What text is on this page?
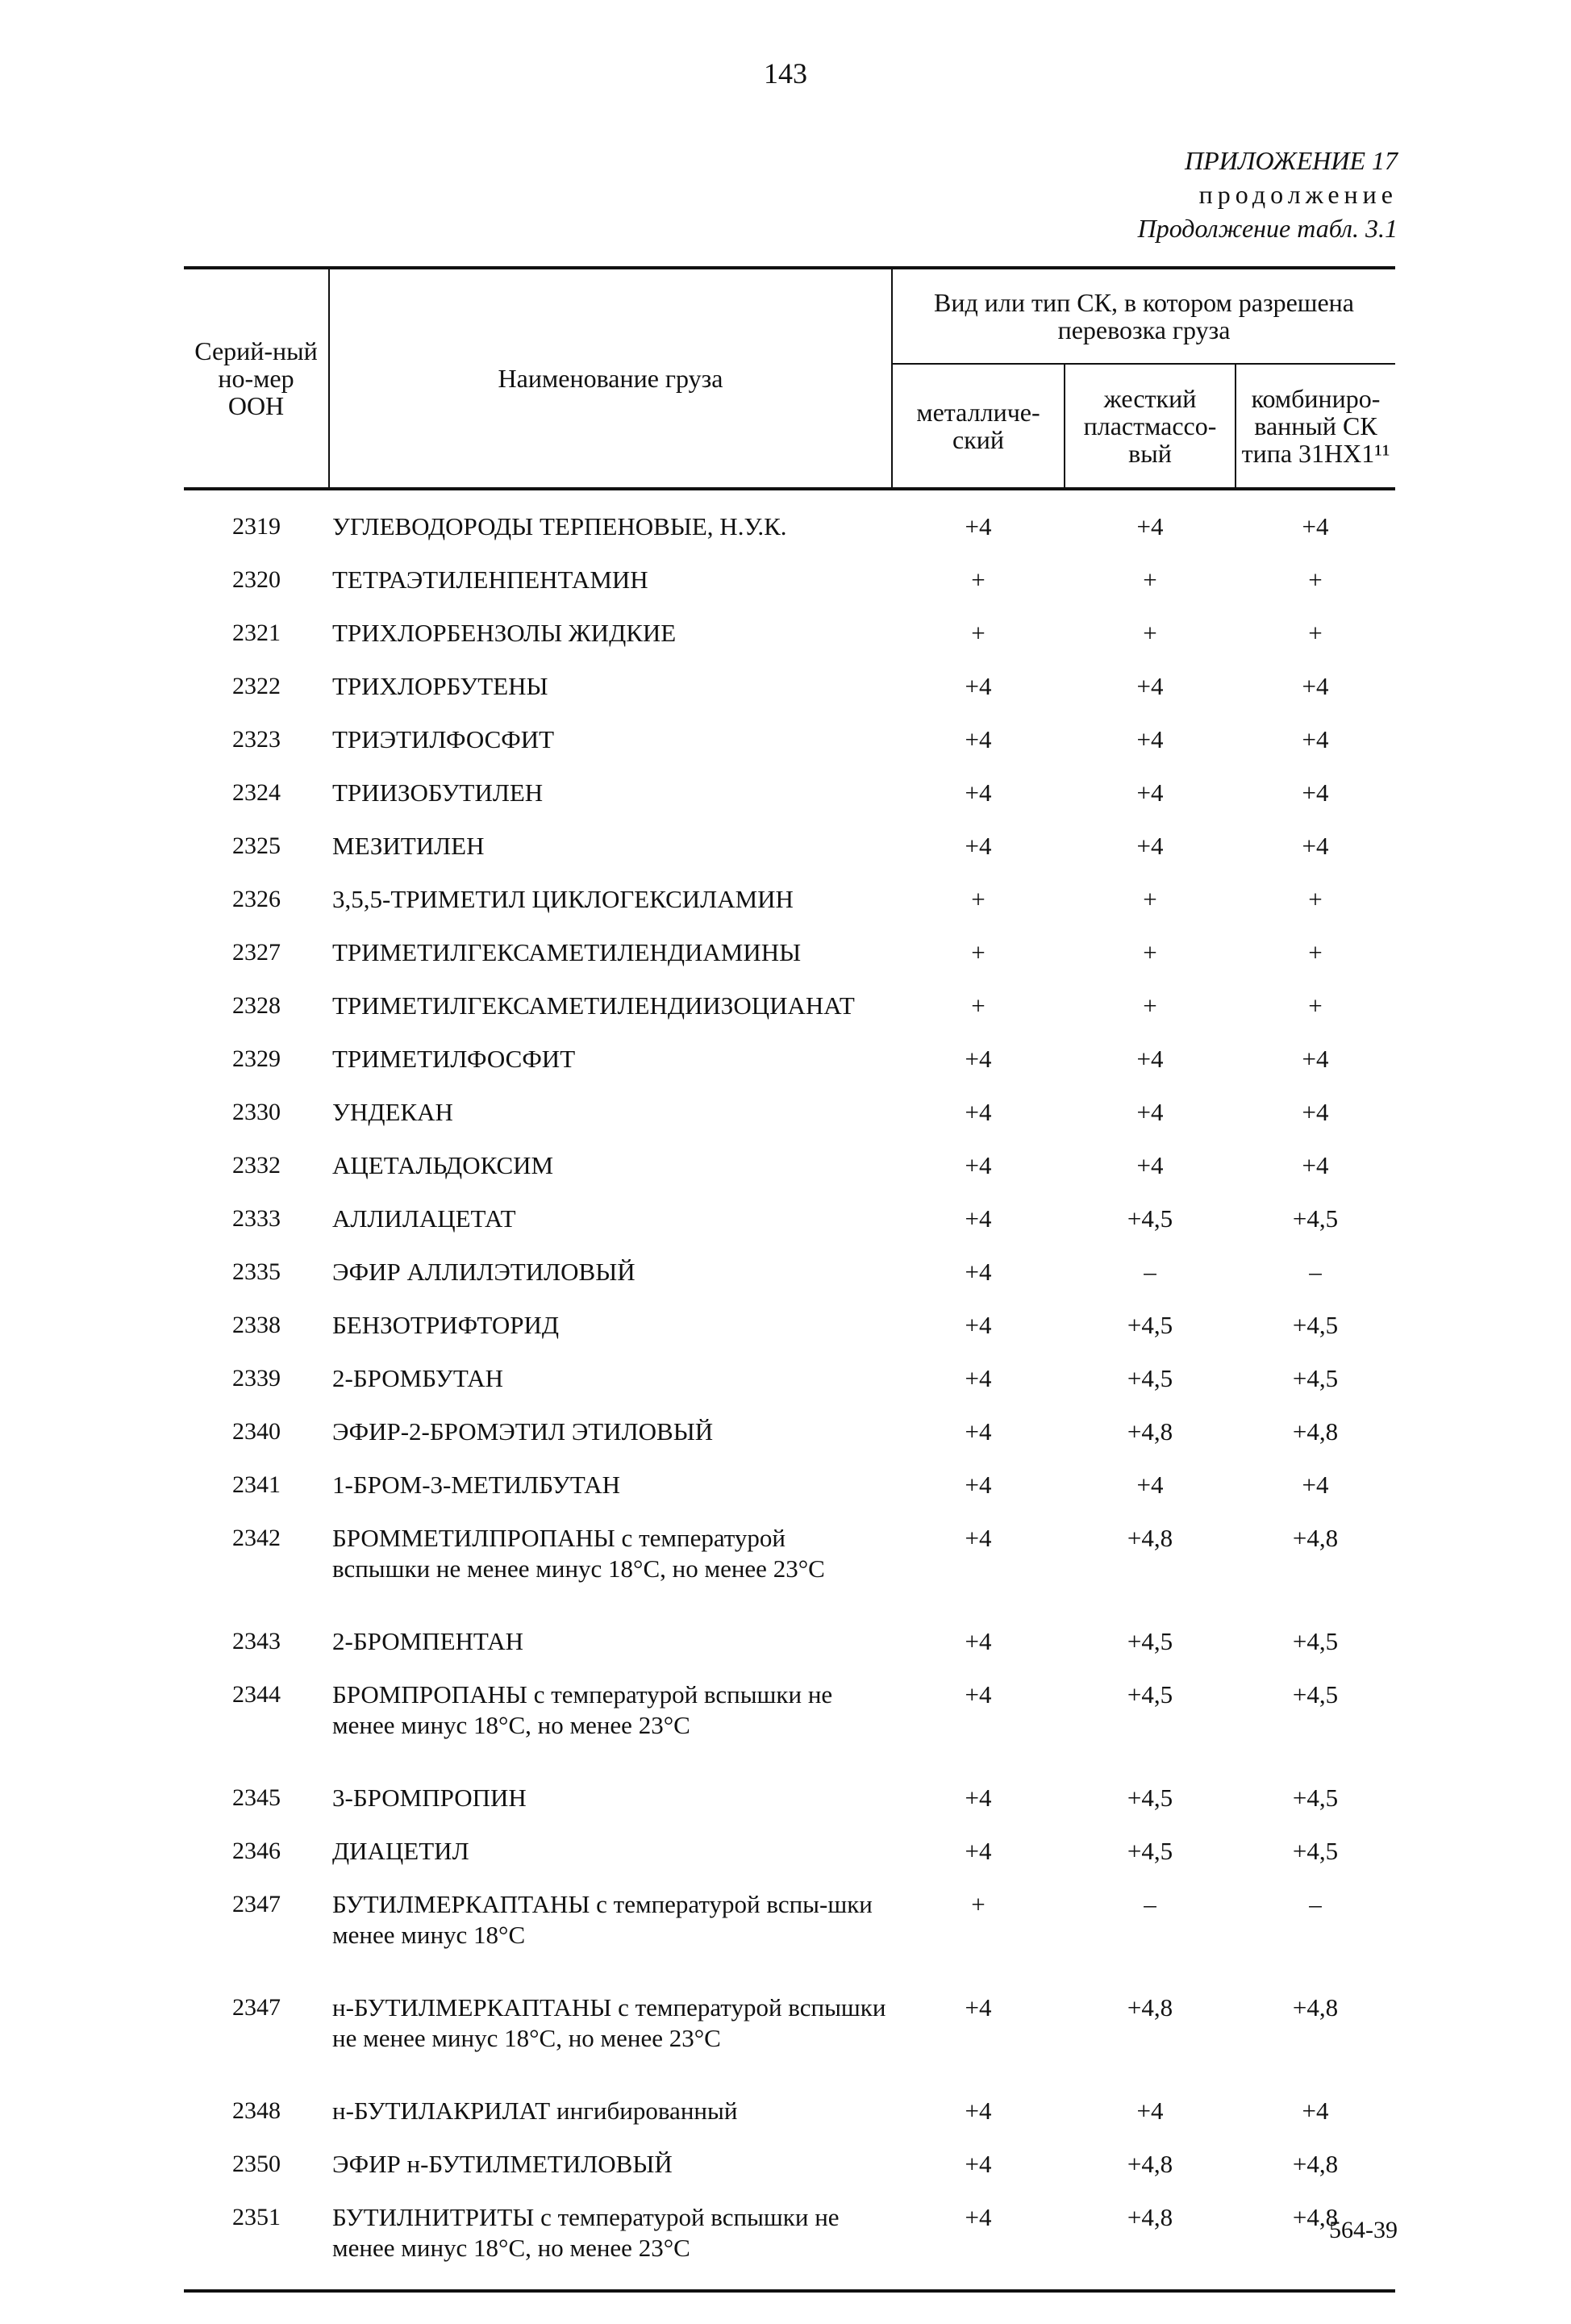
143
ПРИЛОЖЕНИЕ 17
продолжение
Продолжение табл. 3.1
Серий-ный но-мер ООН	Наименование груза	Вид или тип СК, в котором разрешена перевозка груза		
		металличе-ский	жесткий пластмассо-вый	комбиниро-ванный СК типа 31НХ1¹¹
2319	УГЛЕВОДОРОДЫ ТЕРПЕНОВЫЕ, Н.У.К.	+4	+4	+4
2320	ТЕТРАЭТИЛЕНПЕНТАМИН	+	+	+
2321	ТРИХЛОРБЕНЗОЛЫ ЖИДКИЕ	+	+	+
2322	ТРИХЛОРБУТЕНЫ	+4	+4	+4
2323	ТРИЭТИЛФОСФИТ	+4	+4	+4
2324	ТРИИЗОБУТИЛЕН	+4	+4	+4
2325	МЕЗИТИЛЕН	+4	+4	+4
2326	3,5,5-ТРИМЕТИЛ ЦИКЛОГЕКСИЛАМИН	+	+	+
2327	ТРИМЕТИЛГЕКСАМЕТИЛЕНДИАМИНЫ	+	+	+
2328	ТРИМЕТИЛГЕКСАМЕТИЛЕНДИИЗОЦИАНАТ	+	+	+
2329	ТРИМЕТИЛФОСФИТ	+4	+4	+4
2330	УНДЕКАН	+4	+4	+4
2332	АЦЕТАЛЬДОКСИМ	+4	+4	+4
2333	АЛЛИЛАЦЕТАТ	+4	+4,5	+4,5
2335	ЭФИР АЛЛИЛЭТИЛОВЫЙ	+4	–	–
2338	БЕНЗОТРИФТОРИД	+4	+4,5	+4,5
2339	2-БРОМБУТАН	+4	+4,5	+4,5
2340	ЭФИР-2-БРОМЭТИЛ ЭТИЛОВЫЙ	+4	+4,8	+4,8
2341	1-БРОМ-3-МЕТИЛБУТАН	+4	+4	+4
2342	БРОММЕТИЛПРОПАНЫ с температурой вспышки не менее минус 18°C, но менее 23°C	+4	+4,8	+4,8
2343	2-БРОМПЕНТАН	+4	+4,5	+4,5
2344	БРОМПРОПАНЫ с температурой вспышки не менее минус 18°C, но менее 23°C	+4	+4,5	+4,5
2345	3-БРОМПРОПИН	+4	+4,5	+4,5
2346	ДИАЦЕТИЛ	+4	+4,5	+4,5
2347	БУТИЛМЕРКАПТАНЫ с температурой вспы-шки менее минус 18°C	+	–	–
2347	н-БУТИЛМЕРКАПТАНЫ с температурой вспышки не менее минус 18°C, но менее 23°C	+4	+4,8	+4,8
2348	н-БУТИЛАКРИЛАТ ингибированный	+4	+4	+4
2350	ЭФИР н-БУТИЛМЕТИЛОВЫЙ	+4	+4,8	+4,8
2351	БУТИЛНИТРИТЫ с температурой вспышки не менее минус 18°C, но менее 23°C	+4	+4,8	+4,8
564-39
